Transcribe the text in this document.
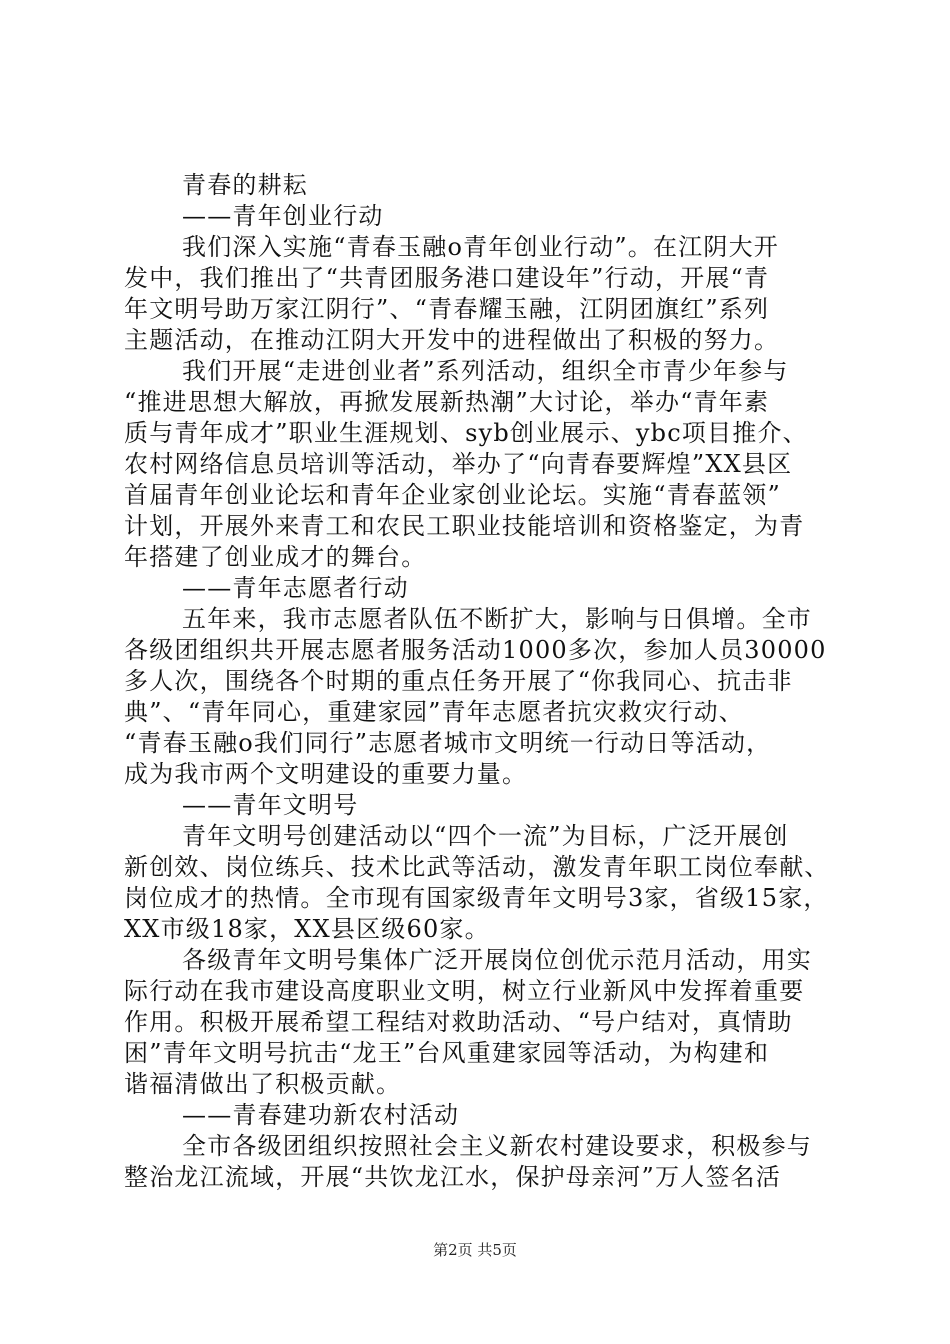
青春的耕耘
——青年创业行动
我们深入实施“青春玉融o青年创业行动”。在江阴大开
发中，我们推出了“共青团服务港口建设年”行动，开展“青
年文明号助万家江阴行”、“青春耀玉融，江阴团旗红”系列
主题活动，在推动江阴大开发中的进程做出了积极的努力。
我们开展“走进创业者”系列活动，组织全市青少年参与
“推进思想大解放，再掀发展新热潮”大讨论，举办“青年素
质与青年成才”职业生涯规划、syb创业展示、ybc项目推介、
农村网络信息员培训等活动，举办了“向青春要辉煌”XX县区
首届青年创业论坛和青年企业家创业论坛。实施“青春蓝领”
计划，开展外来青工和农民工职业技能培训和资格鉴定，为青
年搭建了创业成才的舞台。
——青年志愿者行动
五年来，我市志愿者队伍不断扩大，影响与日俱增。全市
各级团组织共开展志愿者服务活动1000多次，参加人员30000
多人次，围绕各个时期的重点任务开展了“你我同心、抗击非
典”、“青年同心，重建家园”青年志愿者抗灾救灾行动、
“青春玉融o我们同行”志愿者城市文明统一行动日等活动，
成为我市两个文明建设的重要力量。
——青年文明号
青年文明号创建活动以“四个一流”为目标，广泛开展创
新创效、岗位练兵、技术比武等活动，激发青年职工岗位奉献、
岗位成才的热情。全市现有国家级青年文明号3家，省级15家，
XX市级18家，XX县区级60家。
各级青年文明号集体广泛开展岗位创优示范月活动，用实
际行动在我市建设高度职业文明，树立行业新风中发挥着重要
作用。积极开展希望工程结对救助活动、“号户结对，真情助
困”青年文明号抗击“龙王”台风重建家园等活动，为构建和
谐福清做出了积极贡献。
——青春建功新农村活动
全市各级团组织按照社会主义新农村建设要求，积极参与
整治龙江流域，开展“共饮龙江水，保护母亲河”万人签名活
第2页 共5页
